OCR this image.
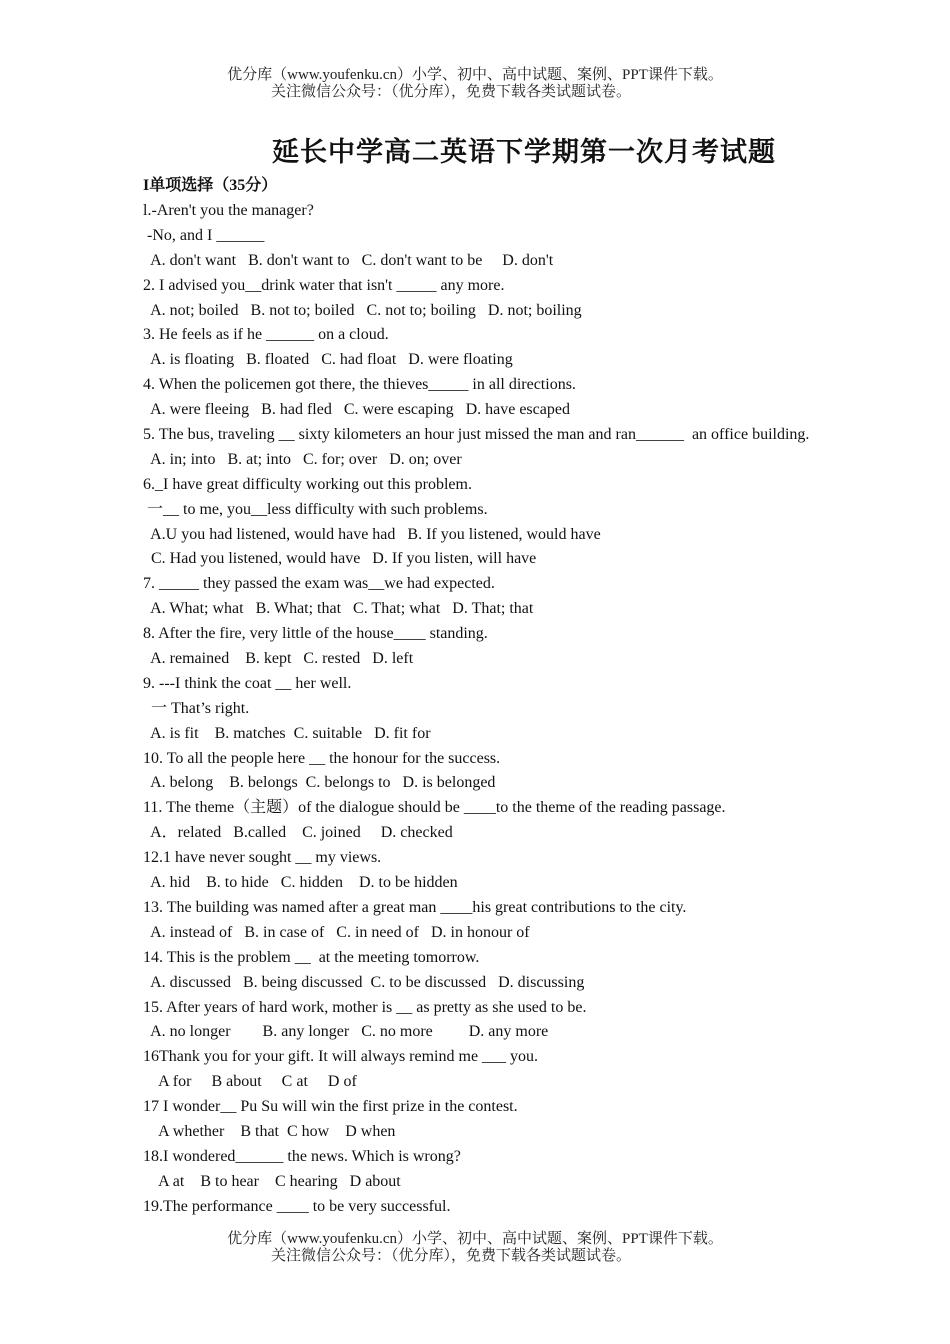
优分库（www.youfenku.cn）小学、初中、高中试题、案例、PPT课件下载。
关注微信公众号：（优分库），免费下载各类试题试卷。
延长中学高二英语下学期第一次月考试题
I单项选择（35分）
l.-Aren't you the manager?
-No, and I ______
A. don't want   B. don't want to   C. don't want to be     D. don't
2. I advised you__drink water that isn't _____ any more.
A. not; boiled   B. not to; boiled   C. not to; boiling   D. not; boiling
3. He feels as if he ______ on a cloud.
A. is floating   B. floated   C. had float   D. were floating
4. When the policemen got there, the thieves_____ in all directions.
A. were fleeing   B. had fled   C. were escaping   D. have escaped
5. The bus, traveling __ sixty kilometers an hour just missed the man and ran______  an office building.
A. in; into   B. at; into   C. for; over   D. on; over
6._I have great difficulty working out this problem.
一__ to me, you__less difficulty with such problems.
A.U you had listened, would have had   B. If you listened, would have
C. Had you listened, would have   D. If you listen, will have
7. _____ they passed the exam was__we had expected.
A. What; what   B. What; that   C. That; what   D. That; that
8. After the fire, very little of the house____ standing.
A. remained    B. kept   C. rested   D. left
9. ---I think the coat __ her well.
一 That’s right.
A. is fit    B. matches  C. suitable   D. fit for
10. To all the people here __ the honour for the success.
A. belong    B. belongs  C. belongs to   D. is belonged
11. The theme（主题）of the dialogue should be ____to the theme of the reading passage.
A．related   B.called    C. joined     D. checked
12.1 have never sought __ my views.
A. hid    B. to hide   C. hidden    D. to be hidden
13. The building was named after a great man ____his great contributions to the city.
A. instead of   B. in case of   C. in need of   D. in honour of
14. This is the problem __  at the meeting tomorrow.
A. discussed   B. being discussed  C. to be discussed   D. discussing
15. After years of hard work, mother is __ as pretty as she used to be.
A. no longer        B. any longer   C. no more         D. any more
16Thank you for your gift. It will always remind me ___ you.
A for     B about     C at     D of
17 I wonder__ Pu Su will win the first prize in the contest.
A whether    B that  C how    D when
18.I wondered______ the news. Which is wrong?
A at    B to hear    C hearing   D about
19.The performance ____ to be very successful.
优分库（www.youfenku.cn）小学、初中、高中试题、案例、PPT课件下载。
关注微信公众号：（优分库），免费下载各类试题试卷。
